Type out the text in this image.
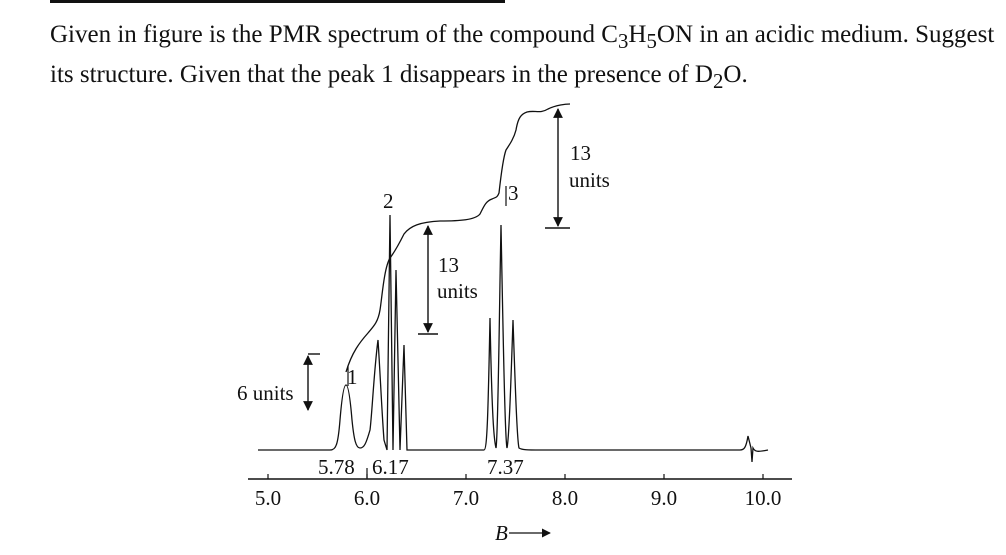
Given in figure is the PMR spectrum of the compound $C_3H_5ON$ in an acidic medium. Suggest

its structure. Given that the peak 1 disappears in the presence of $D_2O$.

5.0	6.0	7.0	8.0	9.0	10.0
1
2	3
6 units
13
units
13
units
5.78 6.17	7.37
B
